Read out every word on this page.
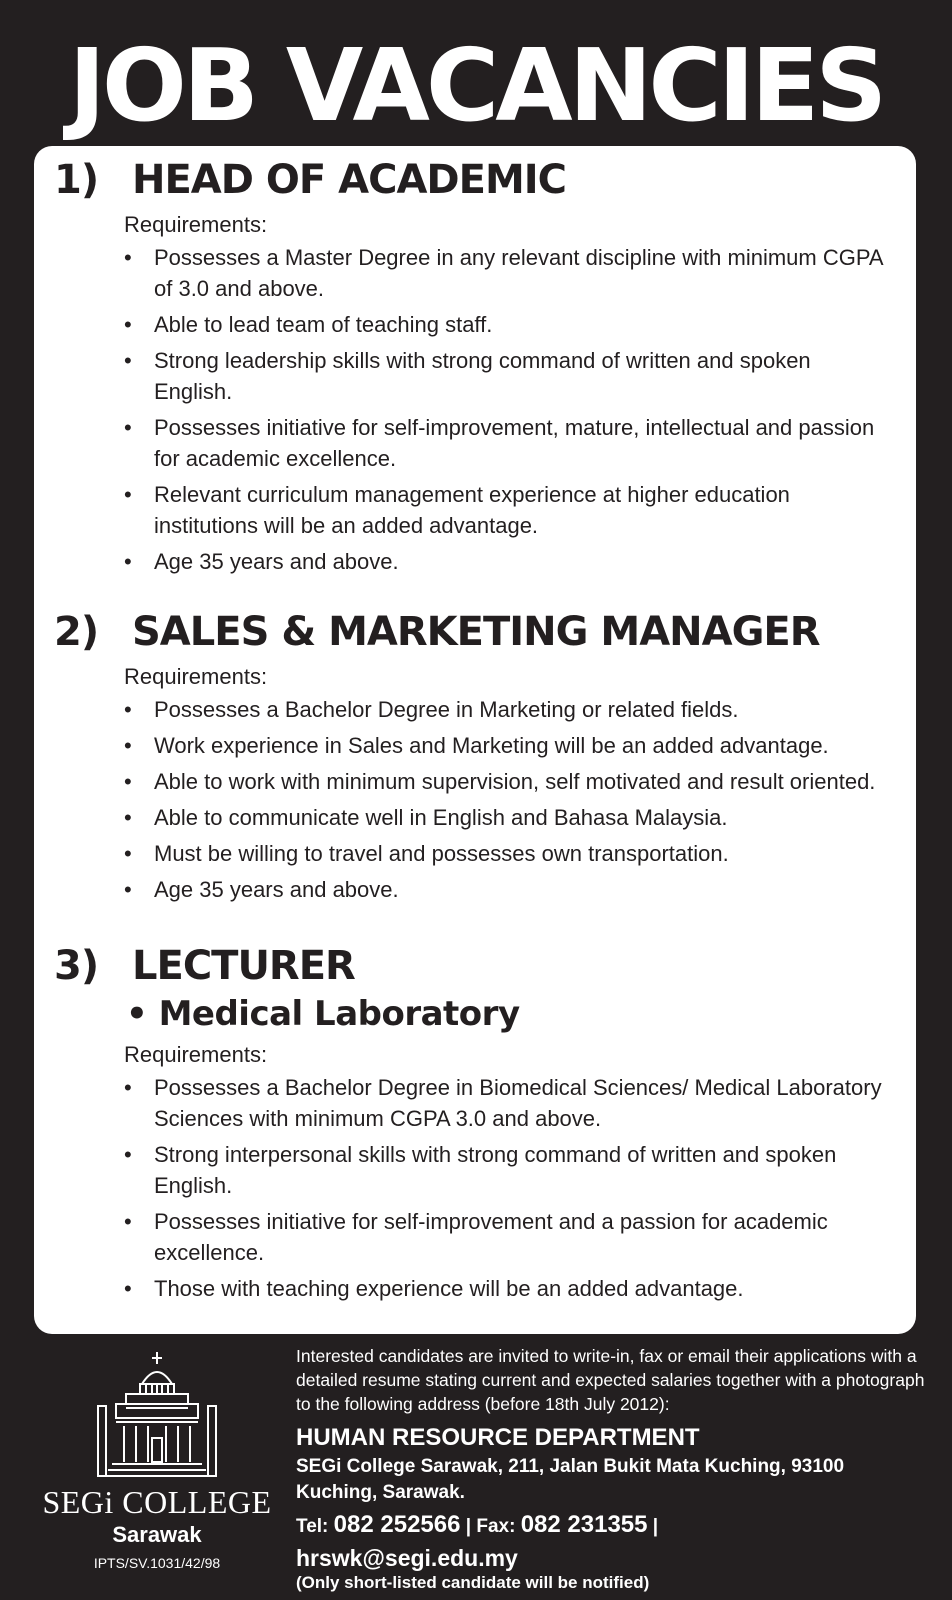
JOB VACANCIES
1) HEAD OF ACADEMIC
Requirements:
• Possesses a Master Degree in any relevant discipline with minimum CGPA of 3.0 and above.
• Able to lead team of teaching staff.
• Strong leadership skills with strong command of written and spoken English.
• Possesses initiative for self-improvement, mature, intellectual and passion for academic excellence.
• Relevant curriculum management experience at higher education institutions will be an added advantage.
• Age 35 years and above.
2) SALES & MARKETING MANAGER
Requirements:
• Possesses a Bachelor Degree in Marketing or related fields.
• Work experience in Sales and Marketing will be an added advantage.
• Able to work with minimum supervision, self motivated and result oriented.
• Able to communicate well in English and Bahasa Malaysia.
• Must be willing to travel and possesses own transportation.
• Age 35 years and above.
3) LECTURER
• Medical Laboratory
Requirements:
• Possesses a Bachelor Degree in Biomedical Sciences/ Medical Laboratory Sciences with minimum CGPA 3.0 and above.
• Strong interpersonal skills with strong command of written and spoken English.
• Possesses initiative for self-improvement and a passion for academic excellence.
• Those with teaching experience will be an added advantage.
SEGi COLLEGE
Sarawak
IPTS/SV.1031/42/98
Interested candidates are invited to write-in, fax or email their applications with a detailed resume stating current and expected salaries together with a photograph to the following address (before 18th July 2012):
HUMAN RESOURCE DEPARTMENT
SEGi College Sarawak, 211, Jalan Bukit Mata Kuching, 93100 Kuching, Sarawak.
Tel: 082 252566 | Fax: 082 231355 |
hrswk@segi.edu.my
(Only short-listed candidate will be notified)
